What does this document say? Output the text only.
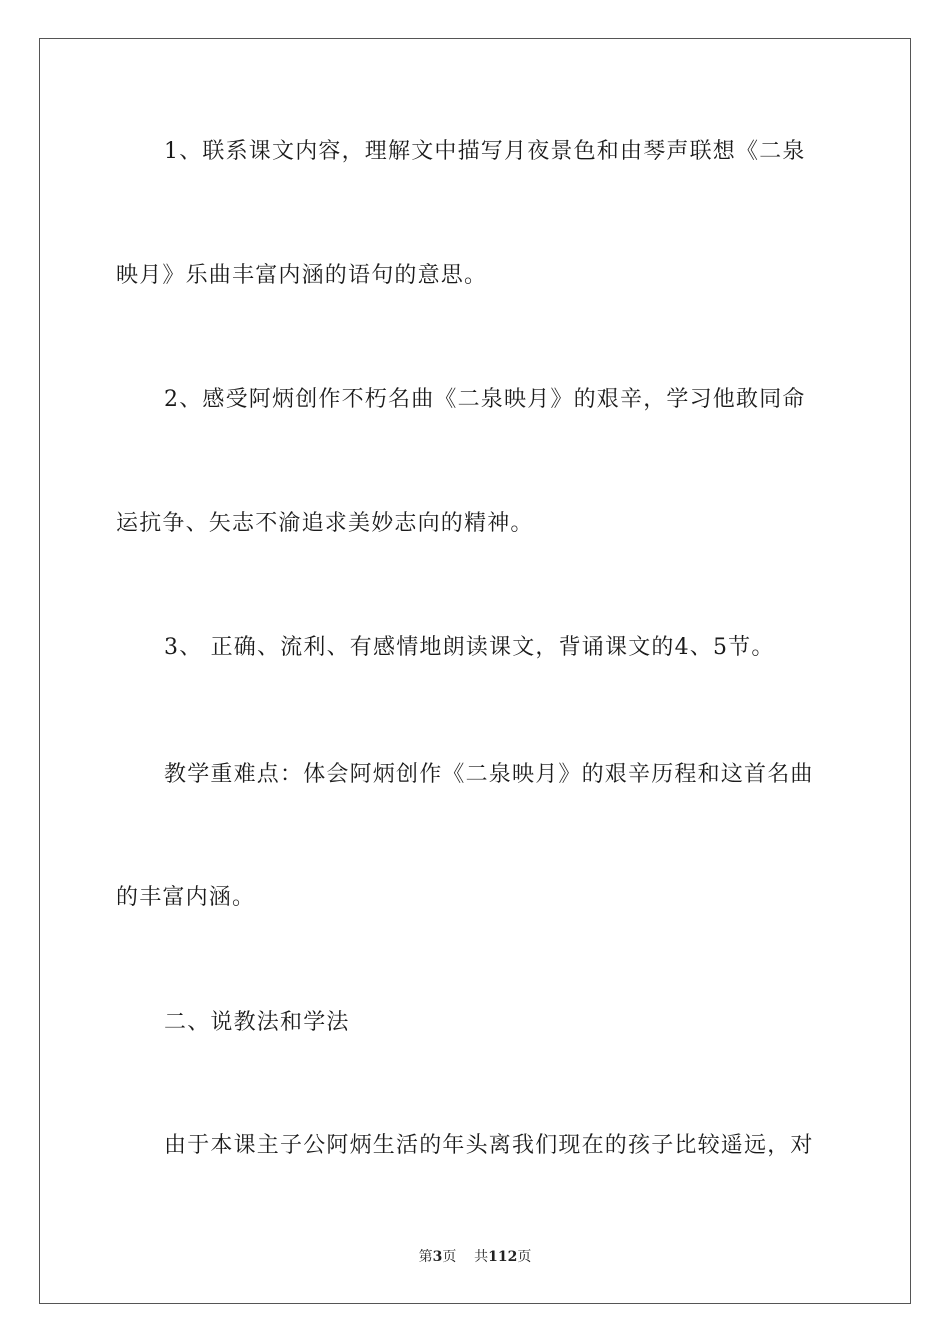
1、联系课文内容，理解文中描写月夜景色和由琴声联想《二泉
映月》乐曲丰富内涵的语句的意思。
2、感受阿炳创作不朽名曲《二泉映月》的艰辛，学习他敢同命
运抗争、矢志不渝追求美妙志向的精神。
3、 正确、流利、有感情地朗读课文，背诵课文的4、5节。
教学重难点：体会阿炳创作《二泉映月》的艰辛历程和这首名曲
的丰富内涵。
二、说教法和学法
由于本课主子公阿炳生活的年头离我们现在的孩子比较遥远，对
第3页 共112页
